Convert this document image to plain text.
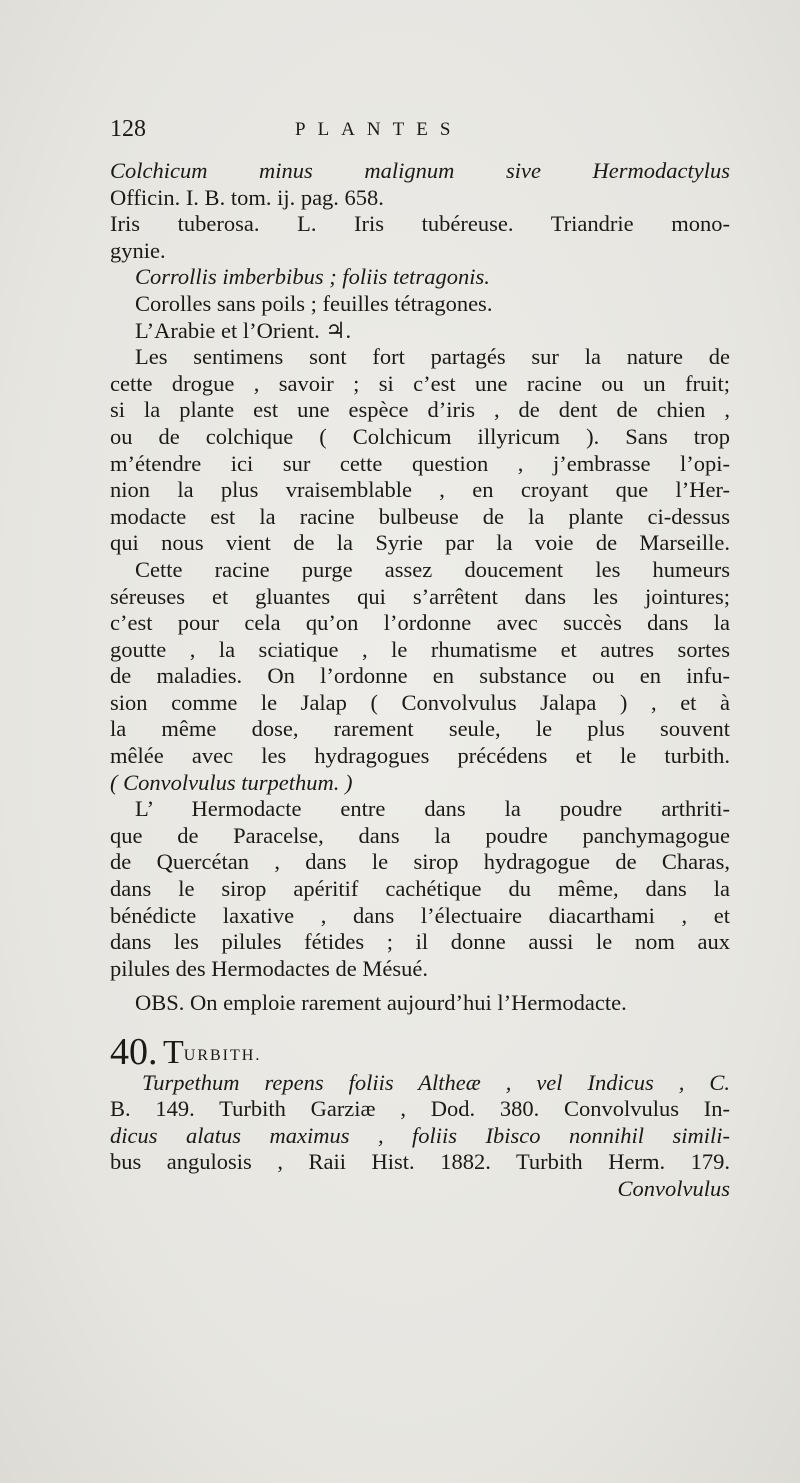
128	PLANTES

Colchicum minus malignum sive Hermodactylus

Officin. I. B. tom. ij. pag. 658.

Iris tuberosa. L. Iris tubéreuse. Triandrie mono-

gynie.

Corrollis imberbibus ; foliis tetragonis.

Corolles sans poils ; feuilles tétragones.

L’Arabie et l’Orient. ♃.

Les sentimens sont fort partagés sur la nature de

cette drogue , savoir ; si c’est une racine ou un fruit;

si la plante est une espèce d’iris , de dent de chien ,

ou de colchique ( Colchicum illyricum ). Sans trop

m’étendre ici sur cette question , j’embrasse l’opi-

nion la plus vraisemblable , en croyant que l’Her-

modacte est la racine bulbeuse de la plante ci-dessus

qui nous vient de la Syrie par la voie de Marseille.

Cette racine purge assez doucement les humeurs

séreuses et gluantes qui s’arrêtent dans les jointures;

c’est pour cela qu’on l’ordonne avec succès dans la

goutte , la sciatique , le rhumatisme et autres sortes

de maladies. On l’ordonne en substance ou en infu-

sion comme le Jalap ( Convolvulus Jalapa ) , et à

la même dose, rarement seule, le plus souvent

mêlée avec les hydragogues précédens et le turbith.

( Convolvulus turpethum. )

L’ Hermodacte entre dans la poudre arthriti-

que de Paracelse, dans la poudre panchymagogue

de Quercétan , dans le sirop hydragogue de Charas,

dans le sirop apéritif cachétique du même, dans la

bénédicte laxative , dans l’électuaire diacarthami , et

dans les pilules fétides ; il donne aussi le nom aux

pilules des Hermodactes de Mésué.

OBS. On emploie rarement aujourd’hui l’Hermodacte.

40. TURBITH.

Turpethum repens foliis Altheæ , vel Indicus , C.

B. 149. Turbith Garziæ , Dod. 380. Convolvulus In-

dicus alatus maximus , foliis Ibisco nonnihil simili-

bus angulosis , Raii Hist. 1882. Turbith Herm. 179.

Convolvulus
